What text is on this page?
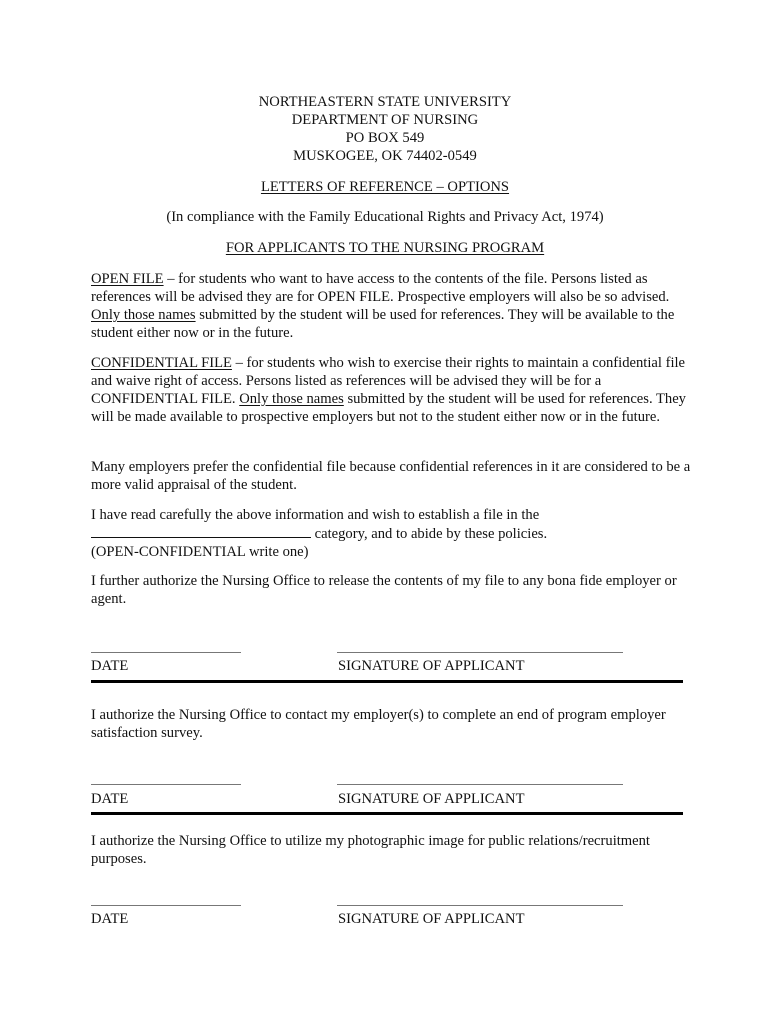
NORTHEASTERN STATE UNIVERSITY
DEPARTMENT OF NURSING
PO BOX 549
MUSKOGEE, OK 74402-0549
LETTERS OF REFERENCE – OPTIONS
(In compliance with the Family Educational Rights and Privacy Act, 1974)
FOR APPLICANTS TO THE NURSING PROGRAM

OPEN FILE – for students who want to have access to the contents of the file. Persons listed as references will be advised they are for OPEN FILE. Prospective employers will also be so advised. Only those names submitted by the student will be used for references. They will be available to the student either now or in the future.

CONFIDENTIAL FILE – for students who wish to exercise their rights to maintain a confidential file and waive right of access. Persons listed as references will be advised they will be for a CONFIDENTIAL FILE. Only those names submitted by the student will be used for references. They will be made available to prospective employers but not to the student either now or in the future.

Many employers prefer the confidential file because confidential references in it are considered to be a more valid appraisal of the student.

I have read carefully the above information and wish to establish a file in the

category, and to abide by these policies.

(OPEN-CONFIDENTIAL write one)

I further authorize the Nursing Office to release the contents of my file to any bona fide employer or agent.
DATE	SIGNATURE OF APPLICANT
I authorize the Nursing Office to contact my employer(s) to complete an end of program employer satisfaction survey.
DATE	SIGNATURE OF APPLICANT
I authorize the Nursing Office to utilize my photographic image for public relations/recruitment purposes.
DATE	SIGNATURE OF APPLICANT
